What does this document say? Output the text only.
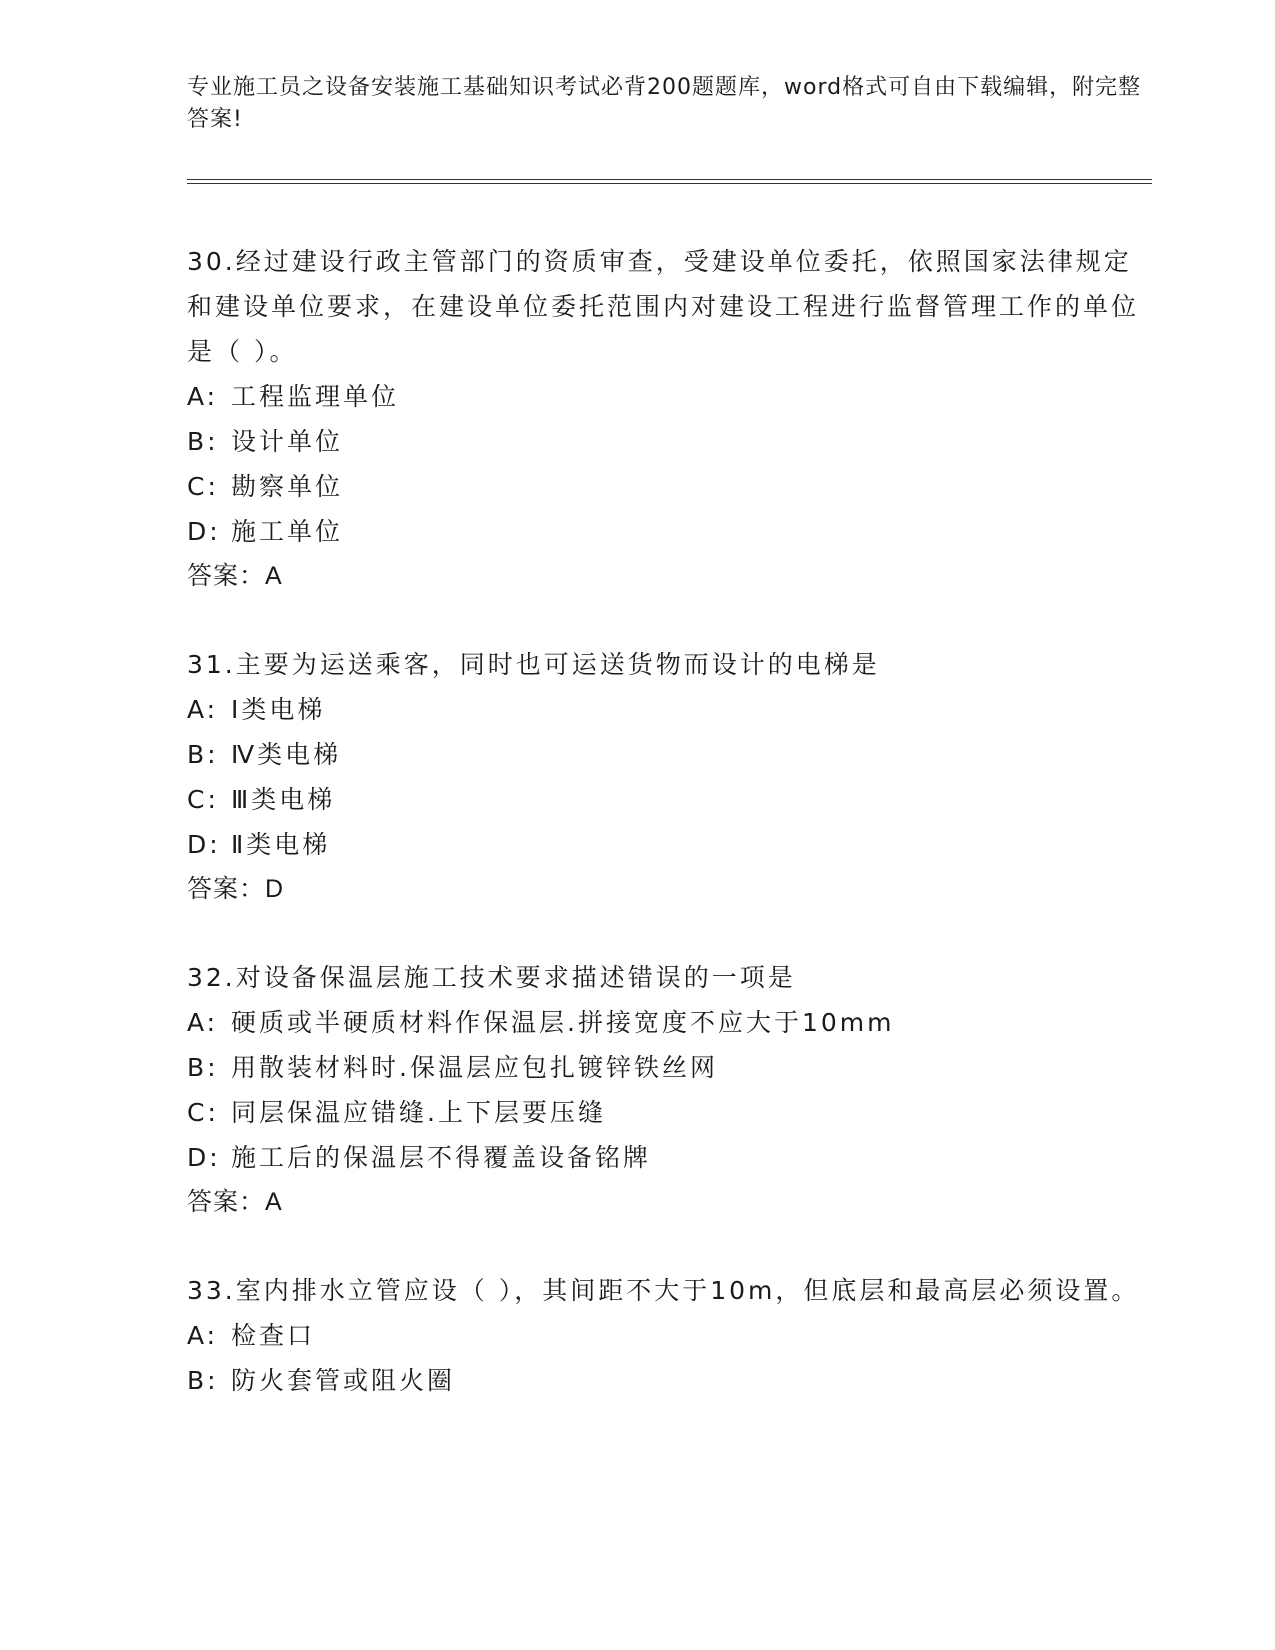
专业施工员之设备安装施工基础知识考试必背200题题库，word格式可自由下载编辑，附完整答案!

30.经过建设行政主管部门的资质审查，受建设单位委托，依照国家法律规定和建设单位要求，在建设单位委托范围内对建设工程进行监督管理工作的单位是（ ）。

A: 工程监理单位

B: 设计单位

C: 勘察单位

D: 施工单位

答案：A

31.主要为运送乘客，同时也可运送货物而设计的电梯是

A: Ⅰ类电梯

B: Ⅳ类电梯

C: Ⅲ类电梯

D: Ⅱ类电梯

答案：D

32.对设备保温层施工技术要求描述错误的一项是

A: 硬质或半硬质材料作保温层.拼接宽度不应大于10mm

B: 用散装材料时.保温层应包扎镀锌铁丝网

C: 同层保温应错缝.上下层要压缝

D: 施工后的保温层不得覆盖设备铭牌

答案：A

33.室内排水立管应设（ ），其间距不大于10m，但底层和最高层必须设置。

A: 检查口

B: 防火套管或阻火圈
